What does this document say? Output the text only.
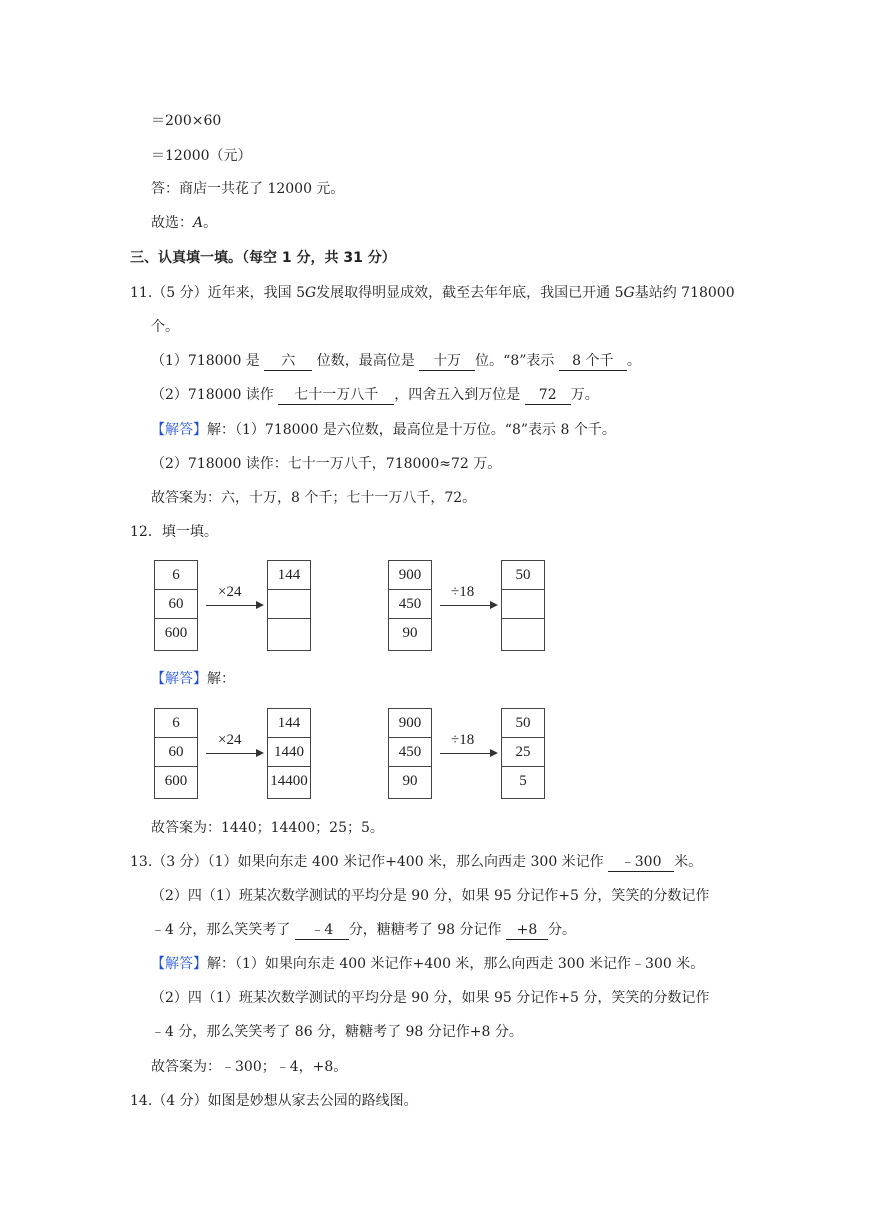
＝200×60
＝12000（元）
答：商店一共花了 12000 元。
故选：A。
三、认真填一填。（每空 1 分，共 31 分）
11.（5 分）近年来，我国 5G发展取得明显成效，截至去年年底，我国已开通 5G基站约 718000
个。
（1）718000 是 六 位数，最高位是 十万 位。“8”表示 8 个千 。
（2）718000 读作 七十一万八千 ，四舍五入到万位是 72 万。
【解答】解：（1）718000 是六位数，最高位是十万位。“8”表示 8 个千。
（2）718000 读作：七十一万八千，718000≈72 万。
故答案为：六，十万，8 个千；七十一万八千，72。
12．填一填。
6
60
600
×24
144	900
450
90
÷18
50
【解答】解：
6
60
600
×24
144
1440
14400
900
450
90
÷18
50
25
5
故答案为：1440；14400；25；5。
13.（3 分）（1）如果向东走 400 米记作+400 米，那么向西走 300 米记作 ﹣300 米。
（2）四（1）班某次数学测试的平均分是 90 分，如果 95 分记作+5 分，笑笑的分数记作
﹣4 分，那么笑笑考了 ﹣4 分，糖糖考了 98 分记作 +8 分。
【解答】解：（1）如果向东走 400 米记作+400 米，那么向西走 300 米记作﹣300 米。
（2）四（1）班某次数学测试的平均分是 90 分，如果 95 分记作+5 分，笑笑的分数记作
﹣4 分，那么笑笑考了 86 分，糖糖考了 98 分记作+8 分。
故答案为：﹣300；﹣4，+8。
14.（4 分）如图是妙想从家去公园的路线图。
